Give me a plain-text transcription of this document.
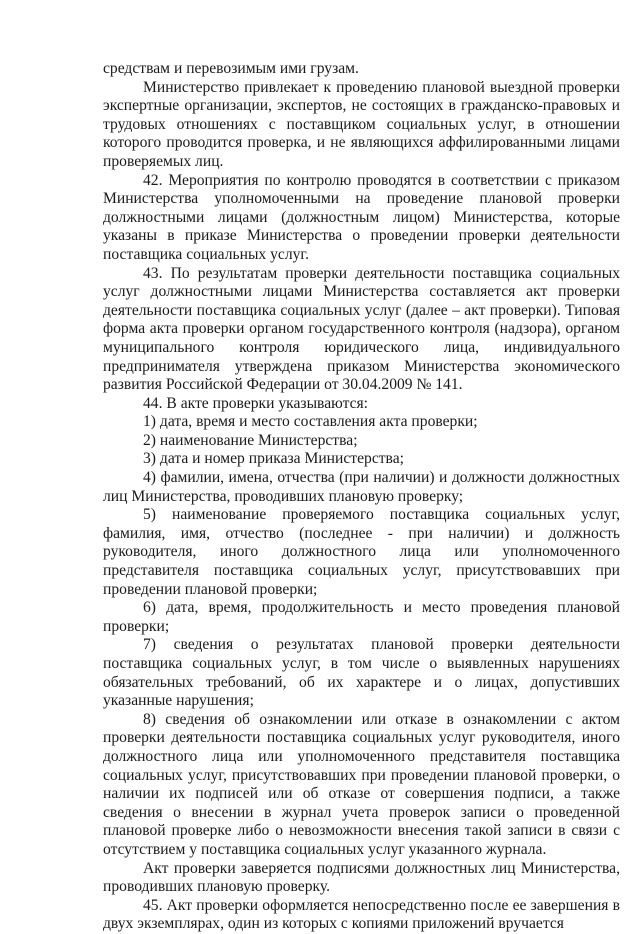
средствам и перевозимым ими грузам.

Министерство привлекает к проведению плановой выездной проверки экспертные организации, экспертов, не состоящих в гражданско-правовых и трудовых отношениях с поставщиком социальных услуг, в отношении которого проводится проверка, и не являющихся аффилированными лицами проверяемых лиц.

42. Мероприятия по контролю проводятся в соответствии с приказом Министерства уполномоченными на проведение плановой проверки должностными лицами (должностным лицом) Министерства, которые указаны в приказе Министерства о проведении проверки деятельности поставщика социальных услуг.

43. По результатам проверки деятельности поставщика социальных услуг должностными лицами Министерства составляется акт проверки деятельности поставщика социальных услуг (далее – акт проверки). Типовая форма акта проверки органом государственного контроля (надзора), органом муниципального контроля юридического лица, индивидуального предпринимателя утверждена приказом Министерства экономического развития Российской Федерации от 30.04.2009 № 141.

44. В акте проверки указываются:

1) дата, время и место составления акта проверки;

2) наименование Министерства;

3) дата и номер приказа Министерства;

4) фамилии, имена, отчества (при наличии) и должности должностных лиц Министерства, проводивших плановую проверку;

5) наименование проверяемого поставщика социальных услуг, фамилия, имя, отчество (последнее - при наличии) и должность руководителя, иного должностного лица или уполномоченного представителя поставщика социальных услуг, присутствовавших при проведении плановой проверки;

6) дата, время, продолжительность и место проведения плановой проверки;

7) сведения о результатах плановой проверки деятельности поставщика социальных услуг, в том числе о выявленных нарушениях обязательных требований, об их характере и о лицах, допустивших указанные нарушения;

8) сведения об ознакомлении или отказе в ознакомлении с актом проверки деятельности поставщика социальных услуг руководителя, иного должностного лица или уполномоченного представителя поставщика социальных услуг, присутствовавших при проведении плановой проверки, о наличии их подписей или об отказе от совершения подписи, а также сведения о внесении в журнал учета проверок записи о проведенной плановой проверке либо о невозможности внесения такой записи в связи с отсутствием у поставщика социальных услуг указанного журнала.

Акт проверки заверяется подписями должностных лиц Министерства, проводивших плановую проверку.

45. Акт проверки оформляется непосредственно после ее завершения в двух экземплярах, один из которых с копиями приложений вручается
